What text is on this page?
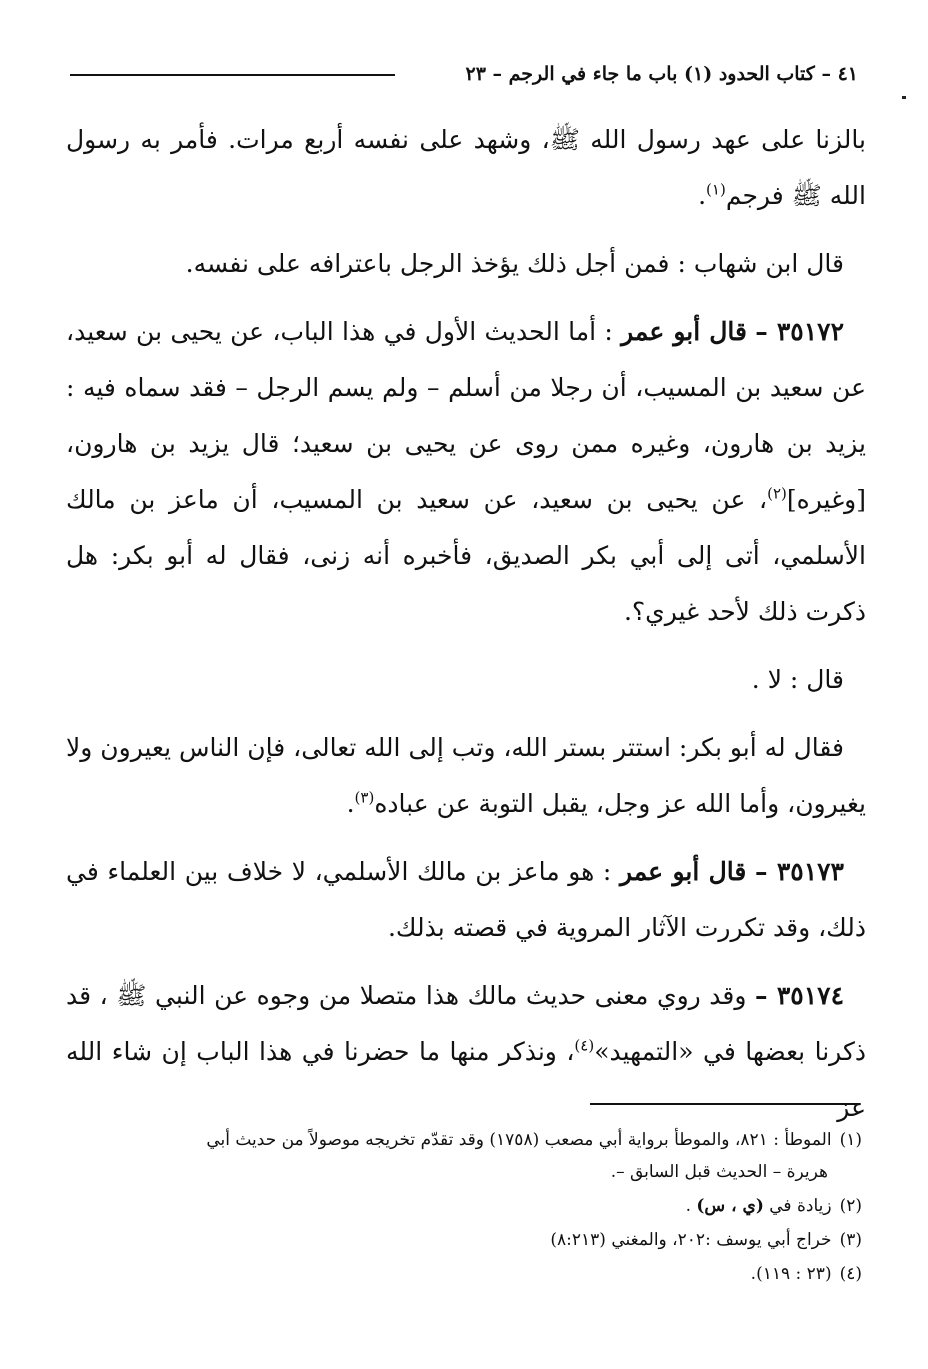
٤١ – كتاب الحدود (١) باب ما جاء في الرجم – ٢٣

بالزنا على عهد رسول الله ﷺ، وشهد على نفسه أربع مرات. فأمر به رسول الله ﷺ فرجم$^{(١)}$.

قال ابن شهاب : فمن أجل ذلك يؤخذ الرجل باعترافه على نفسه.

٣٥١٧٢ – قال أبو عمر : أما الحديث الأول في هذا الباب، عن يحيى بن سعيد، عن سعيد بن المسيب، أن رجلا من أسلم – ولم يسم الرجل – فقد سماه فيه : يزيد بن هارون، وغيره ممن روى عن يحيى بن سعيد؛ قال يزيد بن هارون، [وغيره]$^{(٢)}$، عن يحيى بن سعيد، عن سعيد بن المسيب، أن ماعز بن مالك الأسلمي، أتى إلى أبي بكر الصديق، فأخبره أنه زنى، فقال له أبو بكر: هل ذكرت ذلك لأحد غيري؟.

قال : لا .

فقال له أبو بكر: استتر بستر الله، وتب إلى الله تعالى، فإن الناس يعيرون ولا يغيرون، وأما الله عز وجل، يقبل التوبة عن عباده$^{(٣)}$.

٣٥١٧٣ – قال أبو عمر : هو ماعز بن مالك الأسلمي، لا خلاف بين العلماء في ذلك، وقد تكررت الآثار المروية في قصته بذلك.

٣٥١٧٤ – وقد روي معنى حديث مالك هذا متصلا من وجوه عن النبي ﷺ ، قد ذكرنا بعضها في «التمهيد»$^{(٤)}$، ونذكر منها ما حضرنا في هذا الباب إن شاء الله عز

(١)الموطأ : ٨٢١، والموطأ برواية أبي مصعب (١٧٥٨) وقد تقدّم تخريجه موصولاً من حديث أبي

هريرة – الحديث قبل السابق –.

(٢)زيادة في (ي ، س) .
(٣)خراج أبي يوسف :٢٠٢، والمغني (٨:٢١٣)
(٤)(٢٣ : ١١٩).
